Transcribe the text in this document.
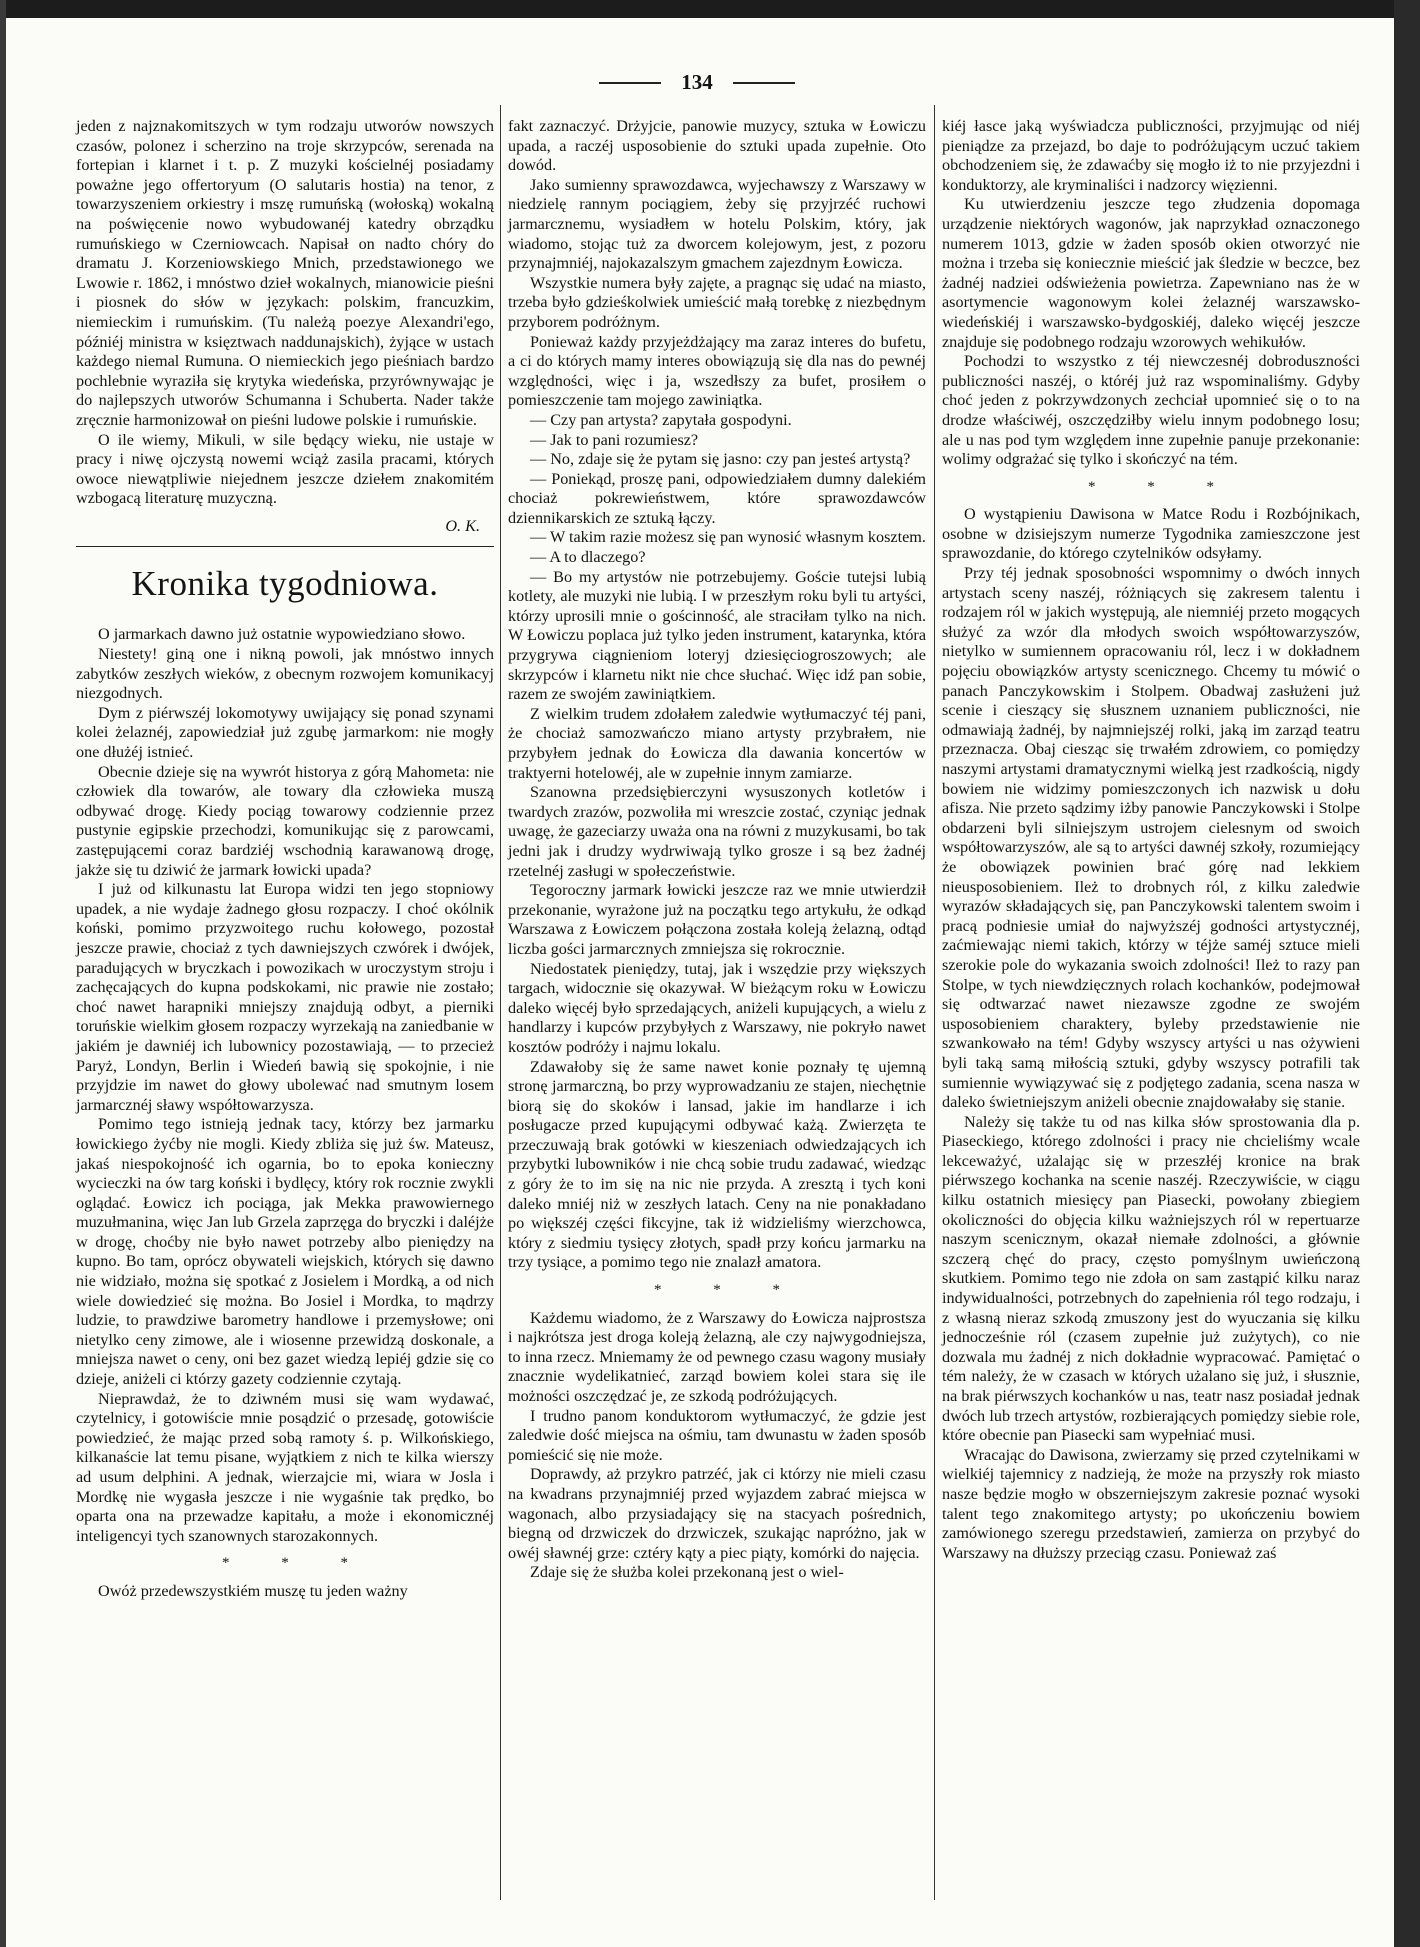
134

jeden z najznakomitszych w tym rodzaju utworów nowszych czasów, polonez i scherzino na troje skrzypców, serenada na fortepian i klarnet i t. p. Z muzyki kościelnéj posiadamy poważne jego offertoryum (O salutaris hostia) na tenor, z towarzyszeniem orkiestry i mszę rumuńską (wołoską) wokalną na poświęcenie nowo wybudowanéj katedry obrządku rumuńskiego w Czerniowcach. Napisał on nadto chóry do dramatu J. Korzeniowskiego Mnich, przedstawionego we Lwowie r. 1862, i mnóstwo dzieł wokalnych, mianowicie pieśni i piosnek do słów w językach: polskim, francuzkim, niemieckim i rumuńskim. (Tu należą poezye Alexandri'ego, późniéj ministra w księztwach naddunajskich), żyjące w ustach każdego niemal Rumuna. O niemieckich jego pieśniach bardzo pochlebnie wyraziła się krytyka wiedeńska, przyrównywając je do najlepszych utworów Schumanna i Schuberta. Nader także zręcznie harmonizował on pieśni ludowe polskie i rumuńskie.

O ile wiemy, Mikuli, w sile będący wieku, nie ustaje w pracy i niwę ojczystą nowemi wciąż zasila pracami, których owoce niewątpliwie niejednem jeszcze dziełem znakomitém wzbogacą literaturę muzyczną.

O. K.
Kronika tygodniowa.

O jarmarkach dawno już ostatnie wypowiedziano słowo.

Niestety! giną one i nikną powoli, jak mnóstwo innych zabytków zeszłych wieków, z obecnym rozwojem komunikacyj niezgodnych.

Dym z piérwszéj lokomotywy uwijający się ponad szynami kolei żelaznéj, zapowiedział już zgubę jarmarkom: nie mogły one dłużéj istnieć.

Obecnie dzieje się na wywrót historya z górą Mahometa: nie człowiek dla towarów, ale towary dla człowieka muszą odbywać drogę. Kiedy pociąg towarowy codziennie przez pustynie egipskie przechodzi, komunikując się z parowcami, zastępującemi coraz bardziéj wschodnią karawanową drogę, jakże się tu dziwić że jarmark łowicki upada?

I już od kilkunastu lat Europa widzi ten jego stopniowy upadek, a nie wydaje żadnego głosu rozpaczy. I choć okólnik koński, pomimo przyzwoitego ruchu kołowego, pozostał jeszcze prawie, chociaż z tych dawniejszych czwórek i dwójek, paradujących w bryczkach i powozikach w uroczystym stroju i zachęcających do kupna podskokami, nic prawie nie zostało; choć nawet harapniki mniejszy znajdują odbyt, a pierniki toruńskie wielkim głosem rozpaczy wyrzekają na zaniedbanie w jakiém je dawniéj ich lubownicy pozostawiają, — to przecież Paryż, Londyn, Berlin i Wiedeń bawią się spokojnie, i nie przyjdzie im nawet do głowy ubolewać nad smutnym losem jarmarcznéj sławy współtowarzysza.

Pomimo tego istnieją jednak tacy, którzy bez jarmarku łowickiego żyćby nie mogli. Kiedy zbliża się już św. Mateusz, jakaś niespokojność ich ogarnia, bo to epoka konieczny wycieczki na ów targ koński i bydlęcy, który rok rocznie zwykli oglądać. Łowicz ich pociąga, jak Mekka prawowiernego muzułmanina, więc Jan lub Grzela zaprzęga do bryczki i daléjże w drogę, choćby nie było nawet potrzeby albo pieniędzy na kupno. Bo tam, oprócz obywateli wiejskich, których się dawno nie widziało, można się spotkać z Josielem i Mordką, a od nich wiele dowiedzieć się można. Bo Josiel i Mordka, to mądrzy ludzie, to prawdziwe barometry handlowe i przemysłowe; oni nietylko ceny zimowe, ale i wiosenne przewidzą doskonale, a mniejsza nawet o ceny, oni bez gazet wiedzą lepiéj gdzie się co dzieje, aniżeli ci którzy gazety codziennie czytają.

Nieprawdaż, że to dziwném musi się wam wydawać, czytelnicy, i gotowiście mnie posądzić o przesadę, gotowiście powiedzieć, że mając przed sobą ramoty ś. p. Wilkońskiego, kilkanaście lat temu pisane, wyjątkiem z nich te kilka wierszy ad usum delphini. A jednak, wierzajcie mi, wiara w Josla i Mordkę nie wygasła jeszcze i nie wygaśnie tak prędko, bo oparta ona na przewadze kapitału, a może i ekonomicznéj inteligencyi tych szanownych starozakonnych.

* * *

Owóż przedewszystkiém muszę tu jeden ważny

fakt zaznaczyć. Drżyjcie, panowie muzycy, sztuka w Łowiczu upada, a raczéj usposobienie do sztuki upada zupełnie. Oto dowód.

Jako sumienny sprawozdawca, wyjechawszy z Warszawy w niedzielę rannym pociągiem, żeby się przyjrzéć ruchowi jarmarcznemu, wysiadłem w hotelu Polskim, który, jak wiadomo, stojąc tuż za dworcem kolejowym, jest, z pozoru przynajmniéj, najokazalszym gmachem zajezdnym Łowicza.

Wszystkie numera były zajęte, a pragnąc się udać na miasto, trzeba było gdzieśkolwiek umieścić małą torebkę z niezbędnym przyborem podróżnym.

Ponieważ każdy przyjeżdżający ma zaraz interes do bufetu, a ci do których mamy interes obowiązują się dla nas do pewnéj względności, więc i ja, wszedłszy za bufet, prosiłem o pomieszczenie tam mojego zawiniątka.

— Czy pan artysta? zapytała gospodyni.

— Jak to pani rozumiesz?

— No, zdaje się że pytam się jasno: czy pan jesteś artystą?

— Poniekąd, proszę pani, odpowiedziałem dumny dalekiém chociaż pokrewieństwem, które sprawozdawców dziennikarskich ze sztuką łączy.

— W takim razie możesz się pan wynosić własnym kosztem.

— A to dlaczego?

— Bo my artystów nie potrzebujemy. Goście tutejsi lubią kotlety, ale muzyki nie lubią. I w przeszłym roku byli tu artyści, którzy uprosili mnie o gościnność, ale straciłam tylko na nich. W Łowiczu poplaca już tylko jeden instrument, katarynka, która przygrywa ciągnieniom loteryj dziesięciogroszowych; ale skrzypców i klarnetu nikt nie chce słuchać. Więc idź pan sobie, razem ze swojém zawiniątkiem.

Z wielkim trudem zdołałem zaledwie wytłumaczyć téj pani, że chociaż samozwańczo miano artysty przybrałem, nie przybyłem jednak do Łowicza dla dawania koncertów w traktyerni hotelowéj, ale w zupełnie innym zamiarze.

Szanowna przedsiębierczyni wysuszonych kotletów i twardych zrazów, pozwoliła mi wreszcie zostać, czyniąc jednak uwagę, że gazeciarzy uważa ona na równi z muzykusami, bo tak jedni jak i drudzy wydrwiwają tylko grosze i są bez żadnéj rzetelnéj zasługi w społeczeństwie.

Tegoroczny jarmark łowicki jeszcze raz we mnie utwierdził przekonanie, wyrażone już na początku tego artykułu, że odkąd Warszawa z Łowiczem połączona została koleją żelazną, odtąd liczba gości jarmarcznych zmniejsza się rokrocznie.

Niedostatek pieniędzy, tutaj, jak i wszędzie przy większych targach, widocznie się okazywał. W bieżącym roku w Łowiczu daleko więcéj było sprzedających, aniżeli kupujących, a wielu z handlarzy i kupców przybyłych z Warszawy, nie pokryło nawet kosztów podróży i najmu lokalu.

Zdawałoby się że same nawet konie poznały tę ujemną stronę jarmarczną, bo przy wyprowadzaniu ze stajen, niechętnie biorą się do skoków i lansad, jakie im handlarze i ich posługacze przed kupującymi odbywać każą. Zwierzęta te przeczuwają brak gotówki w kieszeniach odwiedzających ich przybytki lubowników i nie chcą sobie trudu zadawać, wiedząc z góry że to im się na nic nie przyda. A zresztą i tych koni daleko mniéj niż w zeszłych latach. Ceny na nie ponakładano po większéj części fikcyjne, tak iż widzieliśmy wierzchowca, który z siedmiu tysięcy złotych, spadł przy końcu jarmarku na trzy tysiące, a pomimo tego nie znalazł amatora.

* * *

Każdemu wiadomo, że z Warszawy do Łowicza najprostsza i najkrótsza jest droga koleją żelazną, ale czy najwygodniejsza, to inna rzecz. Mniemamy że od pewnego czasu wagony musiały znacznie wydelikatnieć, zarząd bowiem kolei stara się ile możności oszczędzać je, ze szkodą podróżujących.

I trudno panom konduktorom wytłumaczyć, że gdzie jest zaledwie dość miejsca na ośmiu, tam dwunastu w żaden sposób pomieścić się nie może.

Doprawdy, aż przykro patrzéć, jak ci którzy nie mieli czasu na kwadrans przynajmniéj przed wyjazdem zabrać miejsca w wagonach, albo przysiadający się na stacyach pośrednich, biegną od drzwiczek do drzwiczek, szukając napróżno, jak w owéj sławnéj grze: cztéry kąty a piec piąty, komórki do najęcia.

Zdaje się że służba kolei przekonaną jest o wiel-

kiéj łasce jaką wyświadcza publiczności, przyjmując od niéj pieniądze za przejazd, bo daje to podróżującym uczuć takiem obchodzeniem się, że zdawaćby się mogło iż to nie przyjezdni i konduktorzy, ale kryminaliści i nadzorcy więzienni.

Ku utwierdzeniu jeszcze tego złudzenia dopomaga urządzenie niektórych wagonów, jak naprzykład oznaczonego numerem 1013, gdzie w żaden sposób okien otworzyć nie można i trzeba się koniecznie mieścić jak śledzie w beczce, bez żadnéj nadziei odświeżenia powietrza. Zapewniano nas że w asortymencie wagonowym kolei żelaznéj warszawsko-wiedeńskiéj i warszawsko-bydgoskiéj, daleko więcéj jeszcze znajduje się podobnego rodzaju wzorowych wehikułów.

Pochodzi to wszystko z téj niewczesnéj dobroduszności publiczności naszéj, o któréj już raz wspominaliśmy. Gdyby choć jeden z pokrzywdzonych zechciał upomnieć się o to na drodze właściwéj, oszczędziłby wielu innym podobnego losu; ale u nas pod tym względem inne zupełnie panuje przekonanie: wolimy odgrażać się tylko i skończyć na tém.

* * *

O wystąpieniu Dawisona w Matce Rodu i Rozbójnikach, osobne w dzisiejszym numerze Tygodnika zamieszczone jest sprawozdanie, do którego czytelników odsyłamy.

Przy téj jednak sposobności wspomnimy o dwóch innych artystach sceny naszéj, różniących się zakresem talentu i rodzajem ról w jakich występują, ale niemniéj przeto mogących służyć za wzór dla młodych swoich współtowarzyszów, nietylko w sumiennem opracowaniu ról, lecz i w dokładnem pojęciu obowiązków artysty scenicznego. Chcemy tu mówić o panach Panczykowskim i Stolpem. Obadwaj zasłużeni już scenie i cieszący się słusznem uznaniem publiczności, nie odmawiają żadnéj, by najmniejszéj rolki, jaką im zarząd teatru przeznacza. Obaj ciesząc się trwałém zdrowiem, co pomiędzy naszymi artystami dramatycznymi wielką jest rzadkością, nigdy bowiem nie widzimy pomieszczonych ich nazwisk u dołu afisza. Nie przeto sądzimy iżby panowie Panczykowski i Stolpe obdarzeni byli silniejszym ustrojem cielesnym od swoich współtowarzyszów, ale są to artyści dawnéj szkoły, rozumiejący że obowiązek powinien brać górę nad lekkiem nieusposobieniem. Ileż to drobnych ról, z kilku zaledwie wyrazów składających się, pan Panczykowski talentem swoim i pracą podniesie umiał do najwyższéj godności artystycznéj, zaćmiewając niemi takich, którzy w téjże saméj sztuce mieli szerokie pole do wykazania swoich zdolności! Ileż to razy pan Stolpe, w tych niewdzięcznych rolach kochanków, podejmował się odtwarzać nawet niezawsze zgodne ze swojém usposobieniem charaktery, byleby przedstawienie nie szwankowało na tém! Gdyby wszyscy artyści u nas ożywieni byli taką samą miłością sztuki, gdyby wszyscy potrafili tak sumiennie wywiązywać się z podjętego zadania, scena nasza w daleko świetniejszym aniżeli obecnie znajdowałaby się stanie.

Należy się także tu od nas kilka słów sprostowania dla p. Piaseckiego, którego zdolności i pracy nie chcieliśmy wcale lekceważyć, użalając się w przeszłéj kronice na brak piérwszego kochanka na scenie naszéj. Rzeczywiście, w ciągu kilku ostatnich miesięcy pan Piasecki, powołany zbiegiem okoliczności do objęcia kilku ważniejszych ról w repertuarze naszym scenicznym, okazał niemałe zdolności, a głównie szczerą chęć do pracy, często pomyślnym uwieńczoną skutkiem. Pomimo tego nie zdoła on sam zastąpić kilku naraz indywidualności, potrzebnych do zapełnienia ról tego rodzaju, i z własną nieraz szkodą zmuszony jest do wyuczania się kilku jednocześnie ról (czasem zupełnie już zużytych), co nie dozwala mu żadnéj z nich dokładnie wypracować. Pamiętać o tém należy, że w czasach w których użalano się już, i słusznie, na brak piérwszych kochanków u nas, teatr nasz posiadał jednak dwóch lub trzech artystów, rozbierających pomiędzy siebie role, które obecnie pan Piasecki sam wypełniać musi.

Wracając do Dawisona, zwierzamy się przed czytelnikami w wielkiéj tajemnicy z nadzieją, że może na przyszły rok miasto nasze będzie mogło w obszerniejszym zakresie poznać wysoki talent tego znakomitego artysty; po ukończeniu bowiem zamówionego szeregu przedstawień, zamierza on przybyć do Warszawy na dłuższy przeciąg czasu. Ponieważ zaś
